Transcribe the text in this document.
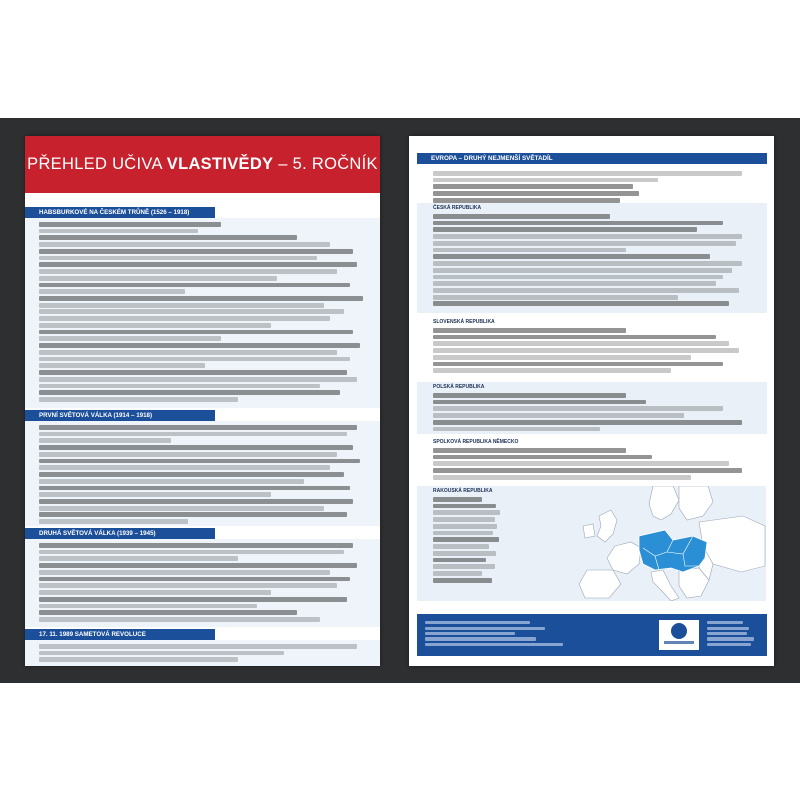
PŘEHLED UČIVA VLASTIVĚDY – 5. ROČNÍK
HABSBURKOVÉ NA ČESKÉM TRŮNĚ (1526 – 1918)
PRVNÍ SVĚTOVÁ VÁLKA (1914 – 1918)
DRUHÁ SVĚTOVÁ VÁLKA (1939 – 1945)
17. 11. 1989 SAMETOVÁ REVOLUCE
EVROPA – DRUHÝ NEJMENŠÍ SVĚTADÍL
ČESKÁ REPUBLIKA
SLOVENSKÁ REPUBLIKA
POLSKÁ REPUBLIKA
SPOLKOVÁ REPUBLIKA NĚMECKO
RAKOUSKÁ REPUBLIKA
